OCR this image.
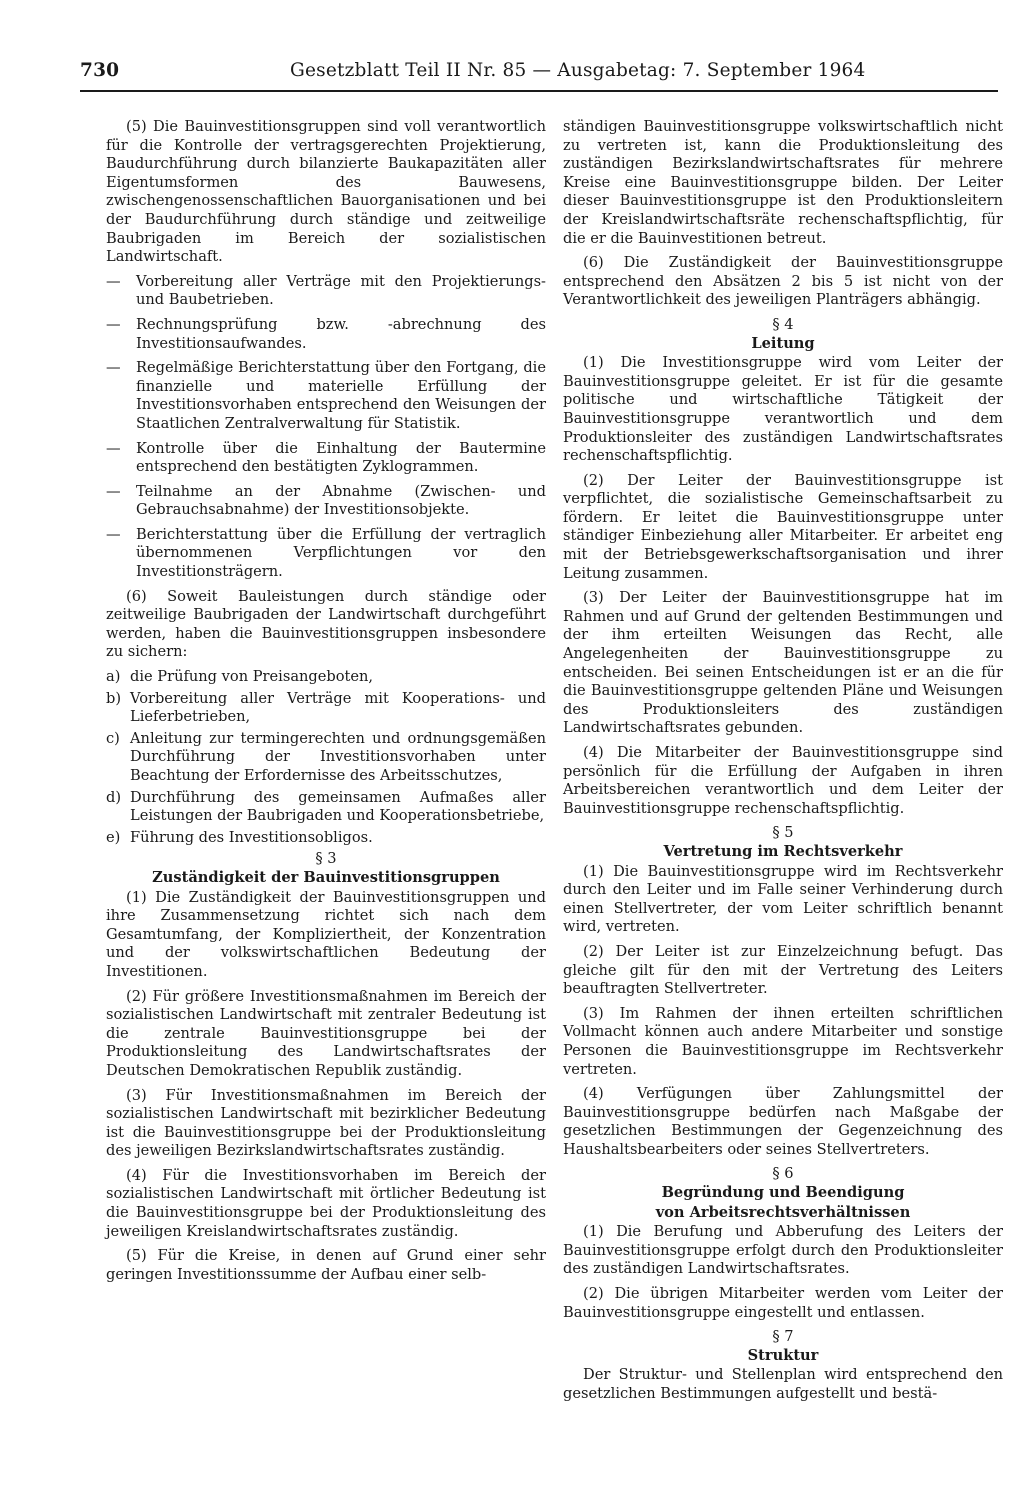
730	Gesetzblatt Teil II Nr. 85 — Ausgabetag: 7. September 1964

(5) Die Bauinvestitionsgruppen sind voll verantwortlich für die Kontrolle der vertragsgerechten Projektierung, Baudurchführung durch bilanzierte Baukapazitäten aller Eigentumsformen des Bauwesens, zwischengenossenschaftlichen Bauorganisationen und bei der Baudurchführung durch ständige und zeitweilige Baubrigaden im Bereich der sozialistischen Landwirtschaft.

—	Vorbereitung aller Verträge mit den Projektierungs- und Baubetrieben.
—	Rechnungsprüfung bzw. -abrechnung des Investitionsaufwandes.
—	Regelmäßige Berichterstattung über den Fortgang, die finanzielle und materielle Erfüllung der Investitionsvorhaben entsprechend den Weisungen der Staatlichen Zentralverwaltung für Statistik.
—	Kontrolle über die Einhaltung der Bautermine entsprechend den bestätigten Zyklogrammen.
—	Teilnahme an der Abnahme (Zwischen- und Gebrauchsabnahme) der Investitionsobjekte.
—	Berichterstattung über die Erfüllung der vertraglich übernommenen Verpflichtungen vor den Investitionsträgern.

(6) Soweit Bauleistungen durch ständige oder zeitweilige Baubrigaden der Landwirtschaft durchgeführt werden, haben die Bauinvestitionsgruppen insbesondere zu sichern:

a) die Prüfung von Preisangeboten,
b) Vorbereitung aller Verträge mit Kooperations- und Lieferbetrieben,
c) Anleitung zur termingerechten und ordnungsgemäßen Durchführung der Investitionsvorhaben unter Beachtung der Erfordernisse des Arbeitsschutzes,
d) Durchführung des gemeinsamen Aufmaßes aller Leistungen der Baubrigaden und Kooperationsbetriebe,
e) Führung des Investitionsobligos.
§ 3
Zuständigkeit der Bauinvestitionsgruppen

(1) Die Zuständigkeit der Bauinvestitionsgruppen und ihre Zusammensetzung richtet sich nach dem Gesamtumfang, der Kompliziertheit, der Konzentration und der volkswirtschaftlichen Bedeutung der Investitionen.

(2) Für größere Investitionsmaßnahmen im Bereich der sozialistischen Landwirtschaft mit zentraler Bedeutung ist die zentrale Bauinvestitionsgruppe bei der Produktionsleitung des Landwirtschaftsrates der Deutschen Demokratischen Republik zuständig.

(3) Für Investitionsmaßnahmen im Bereich der sozialistischen Landwirtschaft mit bezirklicher Bedeutung ist die Bauinvestitionsgruppe bei der Produktionsleitung des jeweiligen Bezirkslandwirtschaftsrates zuständig.

(4) Für die Investitionsvorhaben im Bereich der sozialistischen Landwirtschaft mit örtlicher Bedeutung ist die Bauinvestitionsgruppe bei der Produktionsleitung des jeweiligen Kreislandwirtschaftsrates zuständig.

(5) Für die Kreise, in denen auf Grund einer sehr geringen Investitionssumme der Aufbau einer selb-

ständigen Bauinvestitionsgruppe volkswirtschaftlich nicht zu vertreten ist, kann die Produktionsleitung des zuständigen Bezirkslandwirtschaftsrates für mehrere Kreise eine Bauinvestitionsgruppe bilden. Der Leiter dieser Bauinvestitionsgruppe ist den Produktionsleitern der Kreislandwirtschaftsräte rechenschaftspflichtig, für die er die Bauinvestitionen betreut.

(6) Die Zuständigkeit der Bauinvestitionsgruppe entsprechend den Absätzen 2 bis 5 ist nicht von der Verantwortlichkeit des jeweiligen Planträgers abhängig.

§ 4
Leitung

(1) Die Investitionsgruppe wird vom Leiter der Bauinvestitionsgruppe geleitet. Er ist für die gesamte politische und wirtschaftliche Tätigkeit der Bauinvestitionsgruppe verantwortlich und dem Produktionsleiter des zuständigen Landwirtschaftsrates rechenschaftspflichtig.

(2) Der Leiter der Bauinvestitionsgruppe ist verpflichtet, die sozialistische Gemeinschaftsarbeit zu fördern. Er leitet die Bauinvestitionsgruppe unter ständiger Einbeziehung aller Mitarbeiter. Er arbeitet eng mit der Betriebsgewerkschaftsorganisation und ihrer Leitung zusammen.

(3) Der Leiter der Bauinvestitionsgruppe hat im Rahmen und auf Grund der geltenden Bestimmungen und der ihm erteilten Weisungen das Recht, alle Angelegenheiten der Bauinvestitionsgruppe zu entscheiden. Bei seinen Entscheidungen ist er an die für die Bauinvestitionsgruppe geltenden Pläne und Weisungen des Produktionsleiters des zuständigen Landwirtschaftsrates gebunden.

(4) Die Mitarbeiter der Bauinvestitionsgruppe sind persönlich für die Erfüllung der Aufgaben in ihren Arbeitsbereichen verantwortlich und dem Leiter der Bauinvestitionsgruppe rechenschaftspflichtig.

§ 5
Vertretung im Rechtsverkehr

(1) Die Bauinvestitionsgruppe wird im Rechtsverkehr durch den Leiter und im Falle seiner Verhinderung durch einen Stellvertreter, der vom Leiter schriftlich benannt wird, vertreten.

(2) Der Leiter ist zur Einzelzeichnung befugt. Das gleiche gilt für den mit der Vertretung des Leiters beauftragten Stellvertreter.

(3) Im Rahmen der ihnen erteilten schriftlichen Vollmacht können auch andere Mitarbeiter und sonstige Personen die Bauinvestitionsgruppe im Rechtsverkehr vertreten.

(4) Verfügungen über Zahlungsmittel der Bauinvestitionsgruppe bedürfen nach Maßgabe der gesetzlichen Bestimmungen der Gegenzeichnung des Haushaltsbearbeiters oder seines Stellvertreters.

§ 6
Begründung und Beendigung
von Arbeitsrechtsverhältnissen

(1) Die Berufung und Abberufung des Leiters der Bauinvestitionsgruppe erfolgt durch den Produktionsleiter des zuständigen Landwirtschaftsrates.

(2) Die übrigen Mitarbeiter werden vom Leiter der Bauinvestitionsgruppe eingestellt und entlassen.

§ 7
Struktur

Der Struktur- und Stellenplan wird entsprechend den gesetzlichen Bestimmungen aufgestellt und bestä-
